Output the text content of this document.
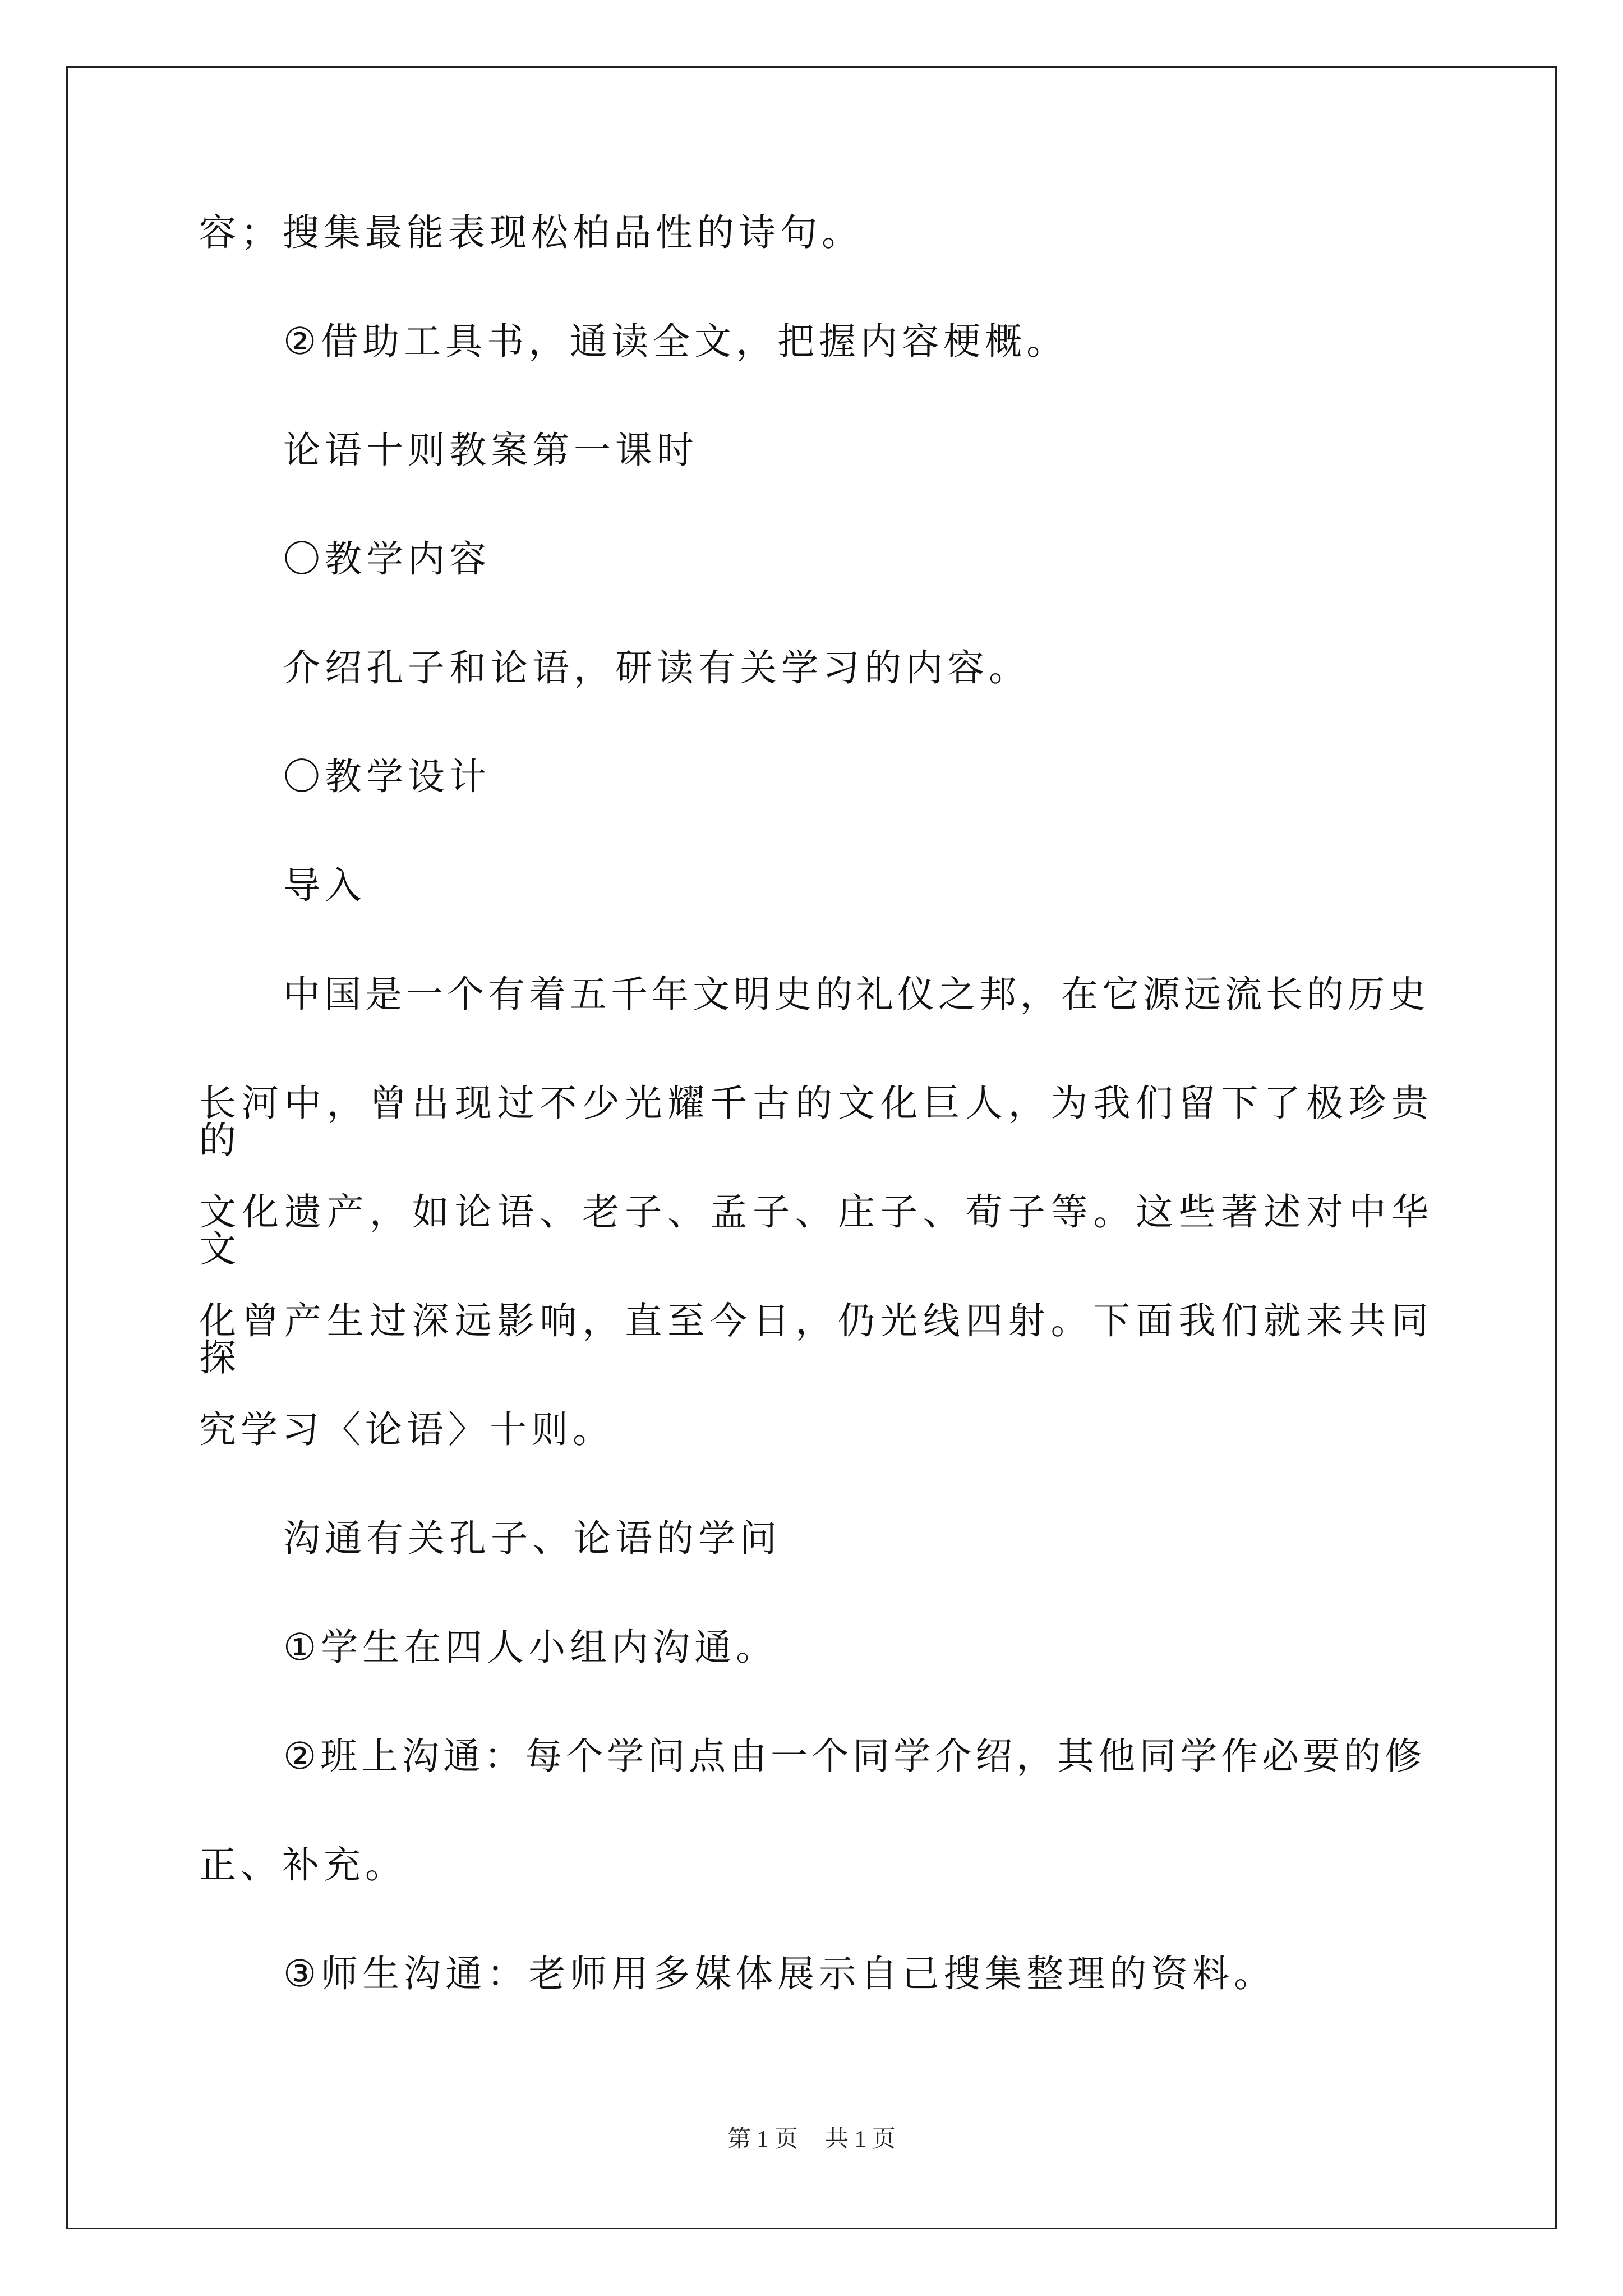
容；搜集最能表现松柏品性的诗句。
②借助工具书，通读全文，把握内容梗概。
论语十则教案第一课时
〇教学内容
介绍孔子和论语，研读有关学习的内容。
〇教学设计
导入
中国是一个有着五千年文明史的礼仪之邦，在它源远流长的历史
长河中，曾出现过不少光耀千古的文化巨人，为我们留下了极珍贵的
文化遗产，如论语、老子、孟子、庄子、荀子等。这些著述对中华文
化曾产生过深远影响，直至今日，仍光线四射。下面我们就来共同探
究学习〈论语〉十则。
沟通有关孔子、论语的学问
①学生在四人小组内沟通。
②班上沟通：每个学问点由一个同学介绍，其他同学作必要的修
正、补充。
③师生沟通：老师用多媒体展示自己搜集整理的资料。
第 1 页 共 1 页
